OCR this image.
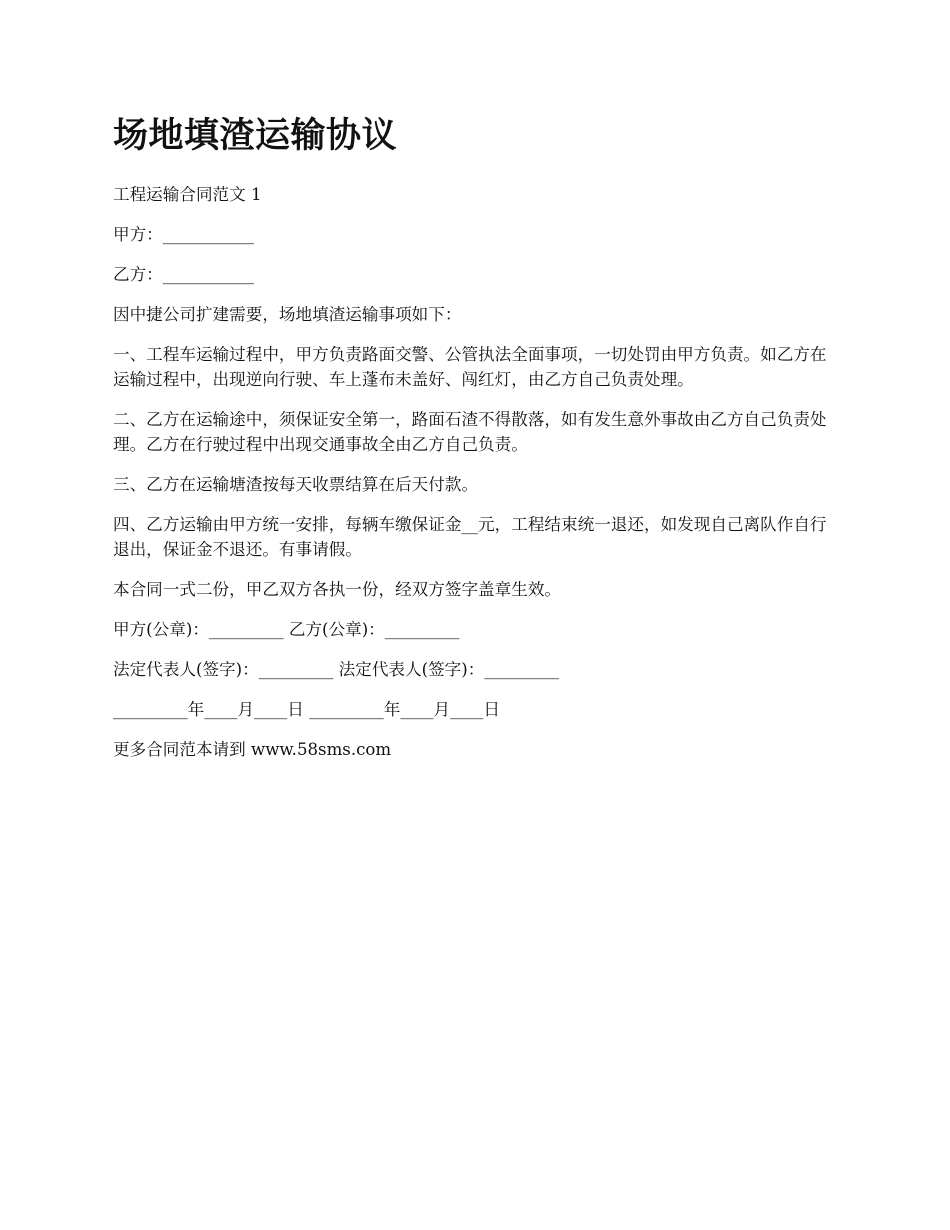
场地填渣运输协议

工程运输合同范文 1

甲方：___________

乙方：___________

因中捷公司扩建需要，场地填渣运输事项如下：

一、工程车运输过程中，甲方负责路面交警、公管执法全面事项，一切处罚由甲方负责。如乙方在运输过程中，出现逆向行驶、车上蓬布未盖好、闯红灯，由乙方自己负责处理。

二、乙方在运输途中，须保证安全第一，路面石渣不得散落，如有发生意外事故由乙方自己负责处理。乙方在行驶过程中出现交通事故全由乙方自己负责。

三、乙方在运输塘渣按每天收票结算在后天付款。

四、乙方运输由甲方统一安排，每辆车缴保证金__元，工程结束统一退还，如发现自己离队作自行退出，保证金不退还。有事请假。

本合同一式二份，甲乙双方各执一份，经双方签字盖章生效。

甲方(公章)：_________ 乙方(公章)：_________

法定代表人(签字)：_________ 法定代表人(签字)：_________

_________年____月____日 _________年____月____日

更多合同范本请到 www.58sms.com
